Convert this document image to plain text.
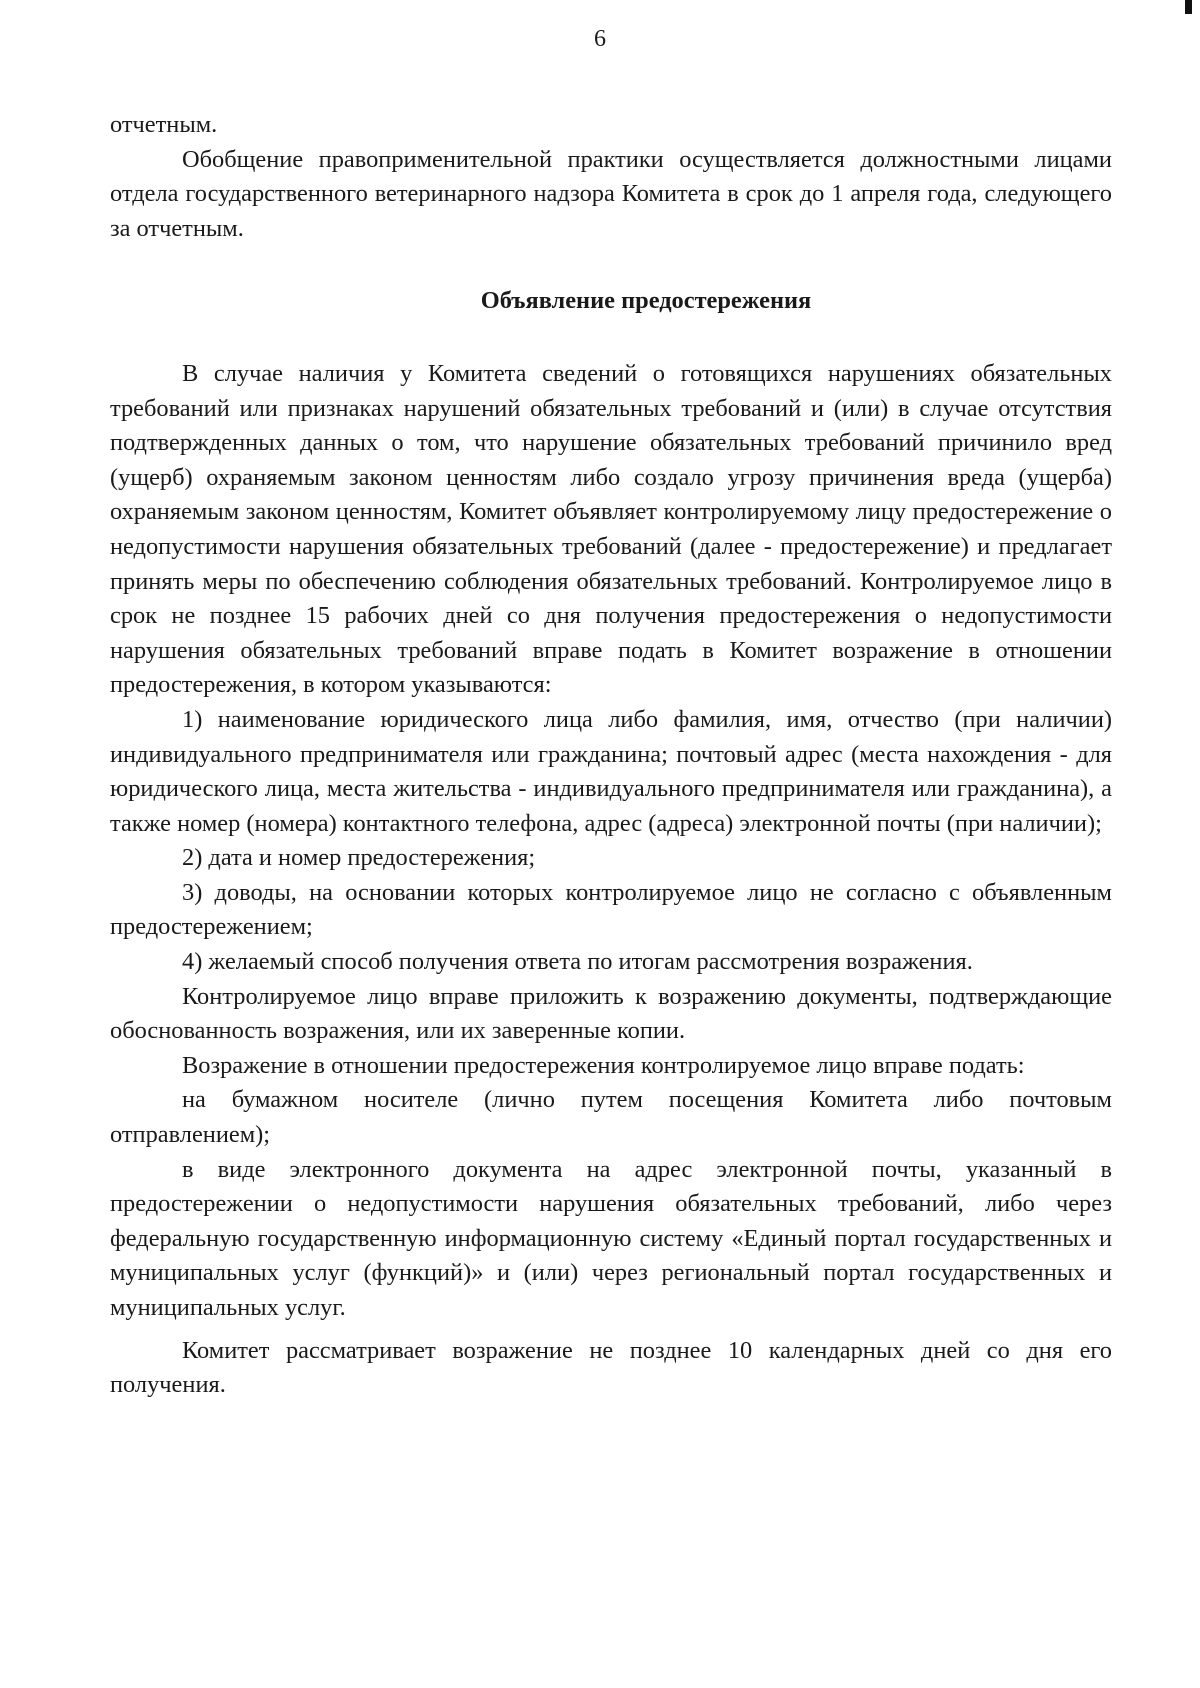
6

отчетным.

Обобщение правоприменительной практики осуществляется должностными лицами отдела государственного ветеринарного надзора Комитета в срок до 1 апреля года, следующего за отчетным.

Объявление предостережения

В случае наличия у Комитета сведений о готовящихся нарушениях обязательных требований или признаках нарушений обязательных требований и (или) в случае отсутствия подтвержденных данных о том, что нарушение обязательных требований причинило вред (ущерб) охраняемым законом ценностям либо создало угрозу причинения вреда (ущерба) охраняемым законом ценностям, Комитет объявляет контролируемому лицу предостережение о недопустимости нарушения обязательных требований (далее - предостережение) и предлагает принять меры по обеспечению соблюдения обязательных требований. Контролируемое лицо в срок не позднее 15 рабочих дней со дня получения предостережения о недопустимости нарушения обязательных требований вправе подать в Комитет возражение в отношении предостережения, в котором указываются:

1) наименование юридического лица либо фамилия, имя, отчество (при наличии) индивидуального предпринимателя или гражданина; почтовый адрес (места нахождения - для юридического лица, места жительства - индивидуального предпринимателя или гражданина), а также номер (номера) контактного телефона, адрес (адреса) электронной почты (при наличии);

2) дата и номер предостережения;

3) доводы, на основании которых контролируемое лицо не согласно с объявленным предостережением;

4) желаемый способ получения ответа по итогам рассмотрения возражения.

Контролируемое лицо вправе приложить к возражению документы, подтверждающие обоснованность возражения, или их заверенные копии.

Возражение в отношении предостережения контролируемое лицо вправе подать:

на бумажном носителе (лично путем посещения Комитета либо почтовым отправлением);

в виде электронного документа на адрес электронной почты, указанный в предостережении о недопустимости нарушения обязательных требований, либо через федеральную государственную информационную систему «Единый портал государственных и муниципальных услуг (функций)» и (или) через региональный портал государственных и муниципальных услуг.

Комитет рассматривает возражение не позднее 10 календарных дней со дня его получения.
